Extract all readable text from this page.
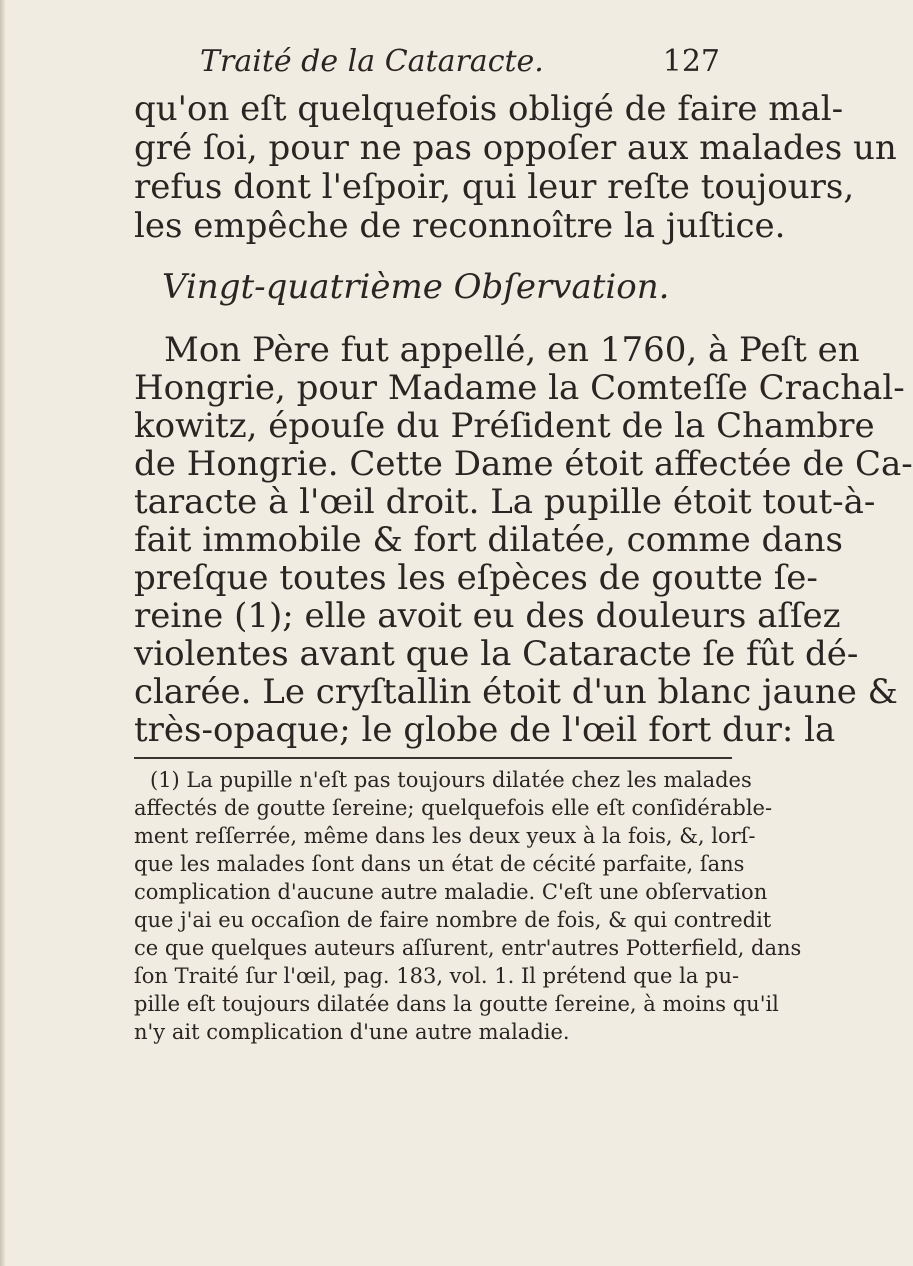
Traité de la Cataracte.	127
qu'on eſt quelquefois obligé de faire mal-
gré ſoi, pour ne pas oppoſer aux malades un
refus dont l'eſpoir, qui leur reſte toujours,
les empêche de reconnoître la juſtice.
Vingt-quatrième Obſervation.
Mon Père fut appellé, en 1760, à Peſt en
Hongrie, pour Madame la Comteſſe Crachal-
kowitz, épouſe du Préſident de la Chambre
de Hongrie. Cette Dame étoit affectée de Ca-
taracte à l'œil droit. La pupille étoit tout-à-
fait immobile & fort dilatée, comme dans
preſque toutes les eſpèces de goutte ſe-
reine (1); elle avoit eu des douleurs aſſez
violentes avant que la Cataracte ſe fût dé-
clarée. Le cryſtallin étoit d'un blanc jaune &
très-opaque; le globe de l'œil fort dur: la
(1) La pupille n'eſt pas toujours dilatée chez les malades
affectés de goutte ſereine; quelquefois elle eſt conſidérable-
ment reſſerrée, même dans les deux yeux à la fois, &, lorſ-
que les malades ſont dans un état de cécité parfaite, ſans
complication d'aucune autre maladie. C'eſt une obſervation
que j'ai eu occaſion de faire nombre de fois, & qui contredit
ce que quelques auteurs aſſurent, entr'autres Potterfield, dans
ſon Traité ſur l'œil, pag. 183, vol. 1. Il prétend que la pu-
pille eſt toujours dilatée dans la goutte ſereine, à moins qu'il
n'y ait complication d'une autre maladie.
